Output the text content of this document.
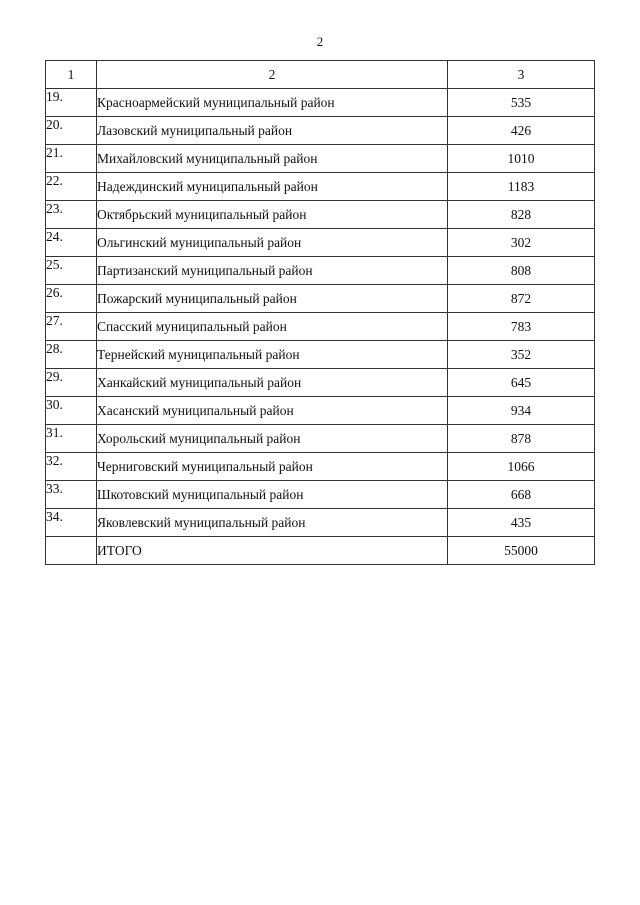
2
1	2	3
19.	Красноармейский муниципальный район	535
20.	Лазовский муниципальный район	426
21.	Михайловский муниципальный район	1010
22.	Надеждинский муниципальный район	1183
23.	Октябрьский муниципальный район	828
24.	Ольгинский муниципальный район	302
25.	Партизанский муниципальный район	808
26.	Пожарский муниципальный район	872
27.	Спасский муниципальный район	783
28.	Тернейский муниципальный район	352
29.	Ханкайский муниципальный район	645
30.	Хасанский муниципальный район	934
31.	Хорольский муниципальный район	878
32.	Черниговский муниципальный район	1066
33.	Шкотовский муниципальный район	668
34.	Яковлевский муниципальный район	435
	ИТОГО	55000
